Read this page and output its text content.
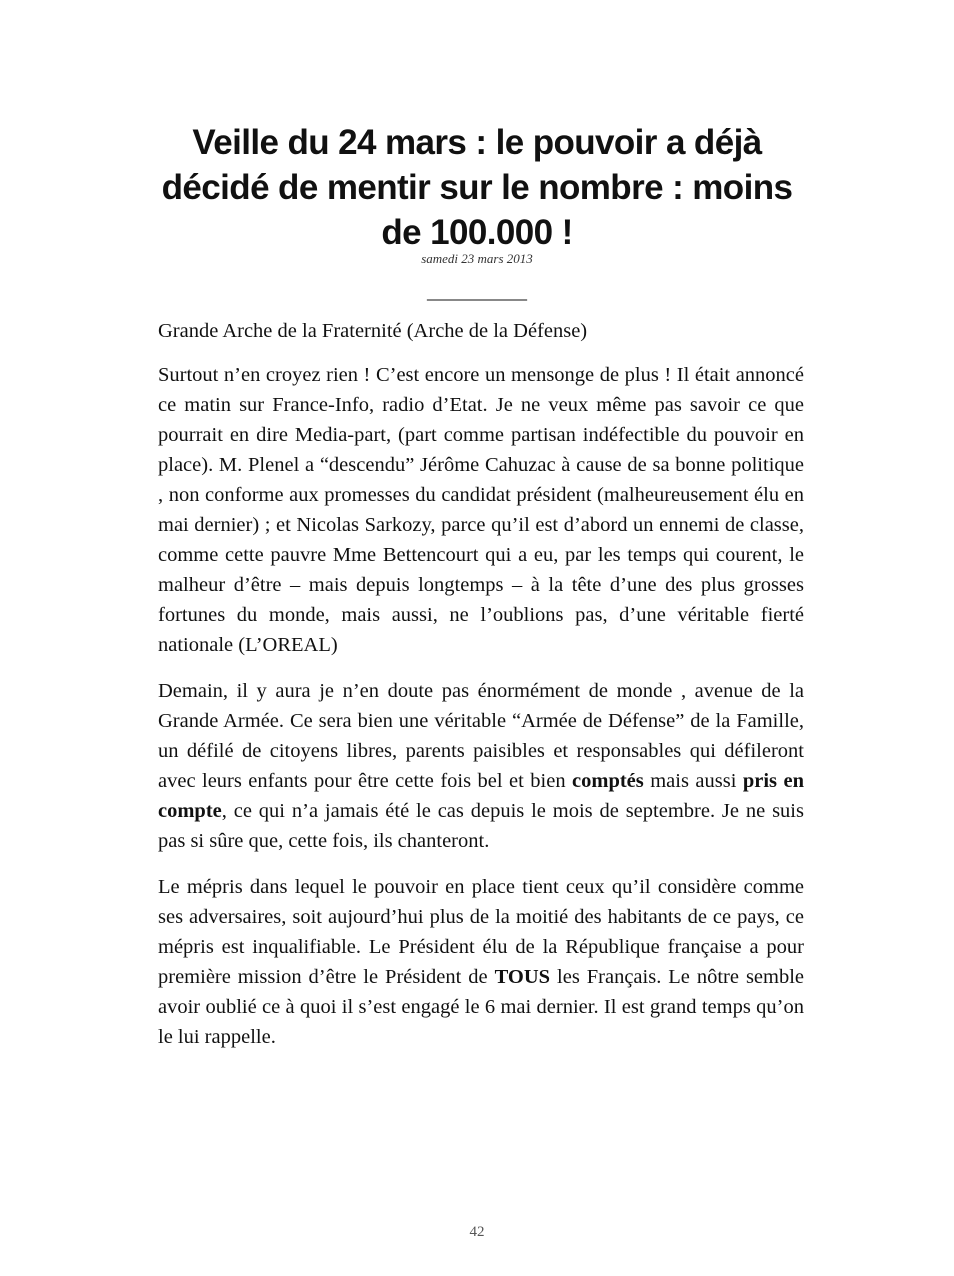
Veille du 24 mars : le pouvoir a déjà décidé de mentir sur le nombre : moins de 100.000 !
samedi 23 mars 2013
__________

Grande Arche de la Fraternité (Arche de la Défense)

Surtout n’en croyez rien ! C’est encore un mensonge de plus ! Il était annoncé ce matin sur France-Info, radio d’Etat. Je ne veux même pas savoir ce que pourrait en dire Media-part, (part comme partisan indéfectible du pouvoir en place). M. Plenel a “descendu” Jérôme Cahuzac à cause de sa bonne politique , non conforme aux promesses du candidat président (malheureusement élu en mai dernier) ; et Nicolas Sarkozy, parce qu’il est d’abord un ennemi de classe, comme cette pauvre Mme Bettencourt qui a eu, par les temps qui courent, le malheur d’être – mais depuis longtemps – à la tête d’une des plus grosses fortunes du monde, mais aussi, ne l’oublions pas, d’une véritable fierté nationale (L’OREAL)

Demain, il y aura je n’en doute pas énormément de monde , avenue de la Grande Armée. Ce sera bien une véritable “Armée de Défense” de la Famille, un défilé de citoyens libres, parents paisibles et responsables qui défileront avec leurs enfants pour être cette fois bel et bien comptés mais aussi pris en compte, ce qui n’a jamais été le cas depuis le mois de septembre. Je ne suis pas si sûre que, cette fois, ils chanteront.

Le mépris dans lequel le pouvoir en place tient ceux qu’il considère comme ses adversaires, soit aujourd’hui plus de la moitié des habitants de ce pays, ce mépris est inqualifiable. Le Président élu de la République française a pour première mission d’être le Président de TOUS les Français. Le nôtre semble avoir oublié ce à quoi il s’est engagé le 6 mai dernier. Il est grand temps qu’on le lui rappelle.

42
